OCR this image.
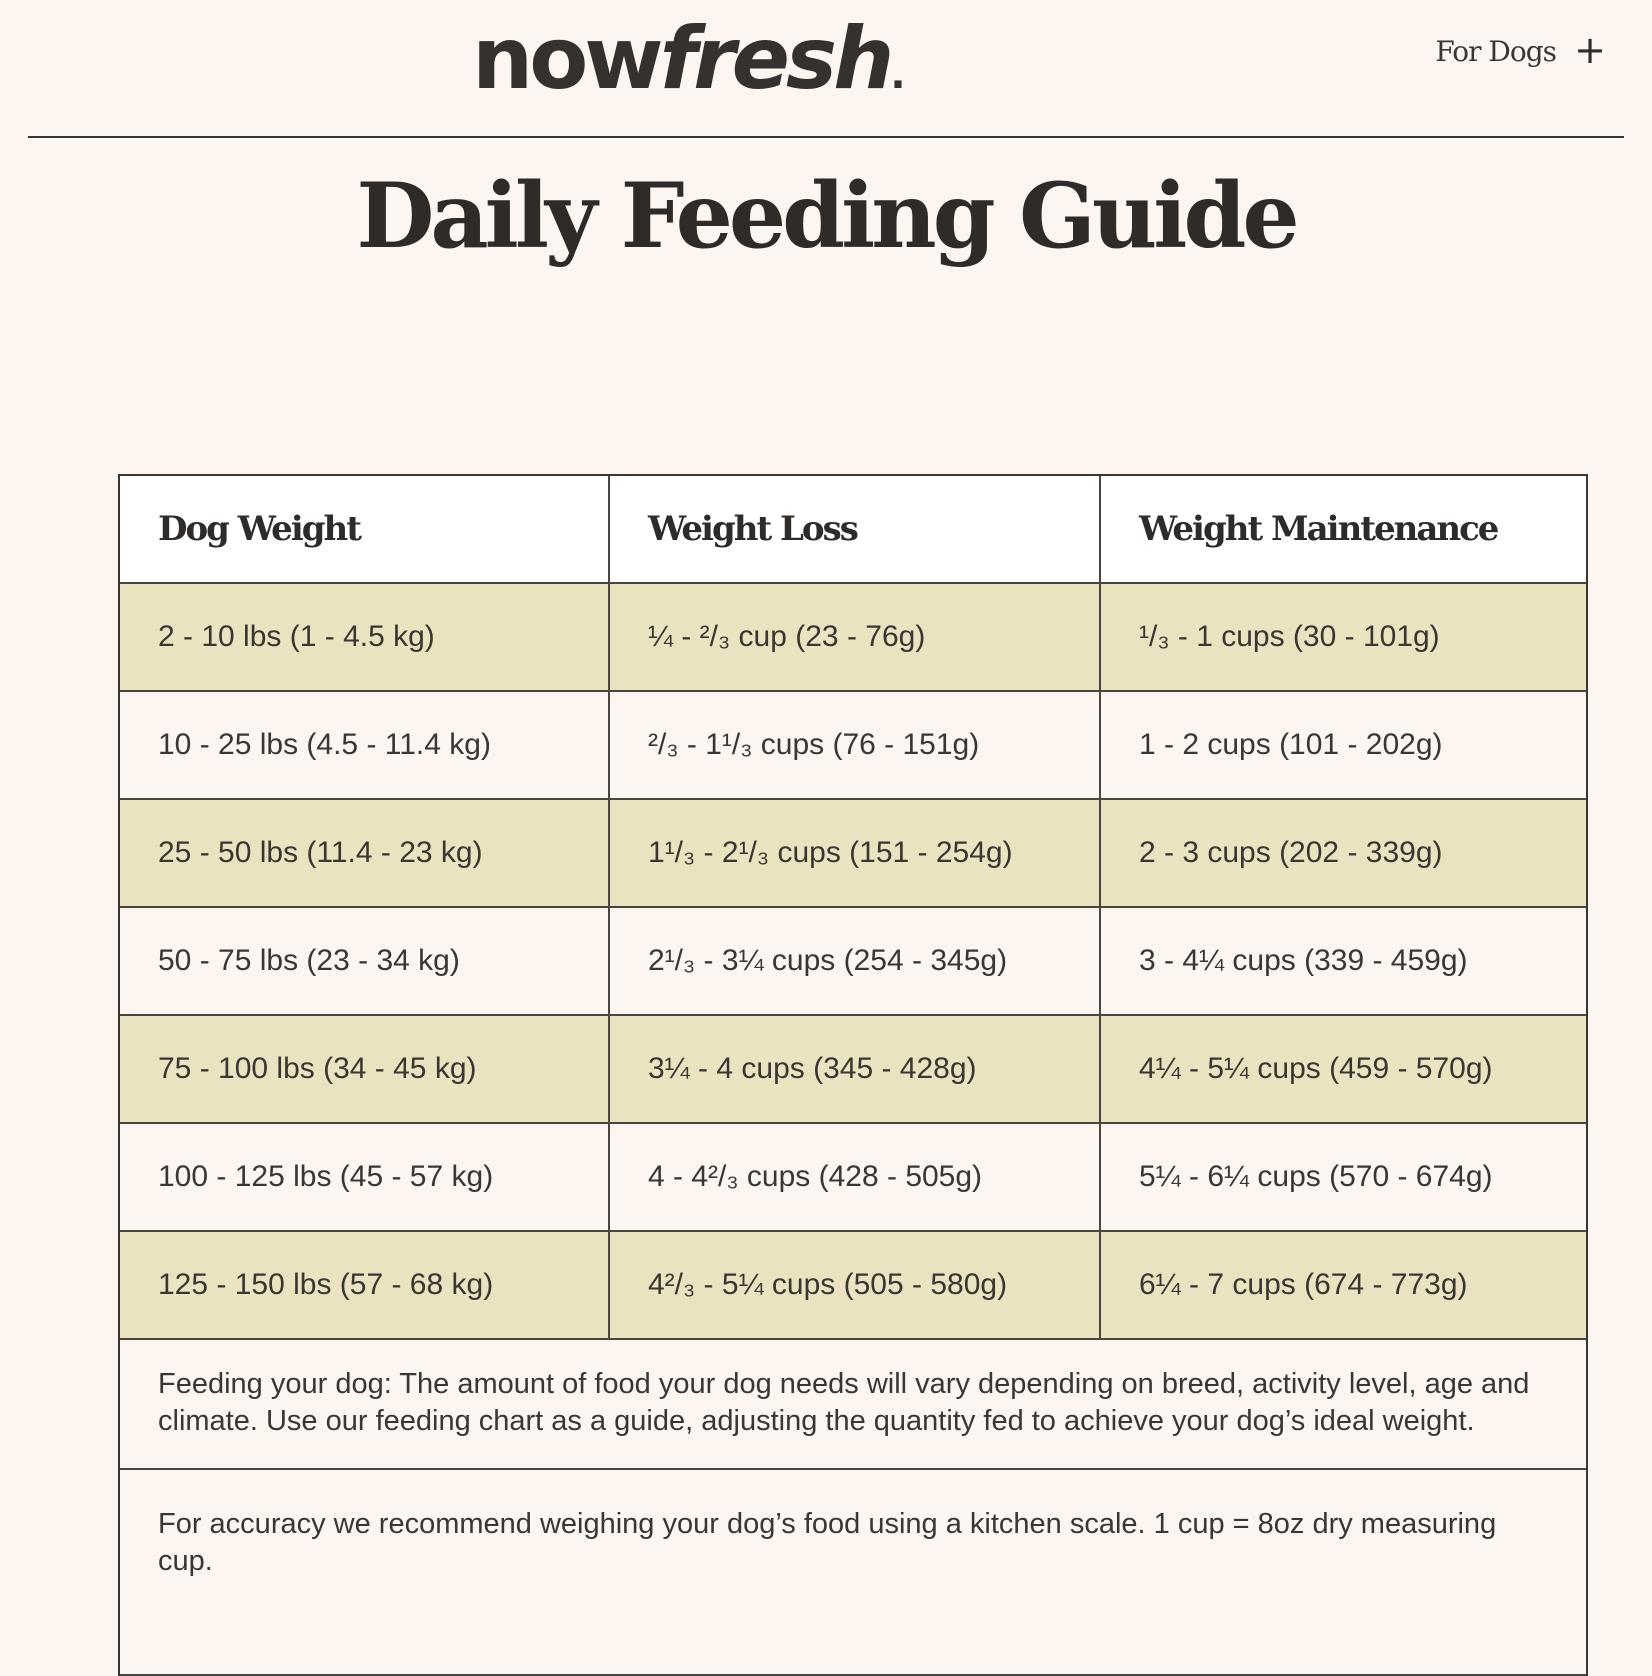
nowfresh.
For Dogs +
Daily Feeding Guide
Dog Weight	Weight Loss	Weight Maintenance
2 - 10 lbs (1 - 4.5 kg)	¼ - ²/₃ cup (23 - 76g)	¹/₃ - 1 cups (30 - 101g)
10 - 25 lbs (4.5 - 11.4 kg)	²/₃ - 1¹/₃ cups (76 - 151g)	1 - 2 cups (101 - 202g)
25 - 50 lbs (11.4 - 23 kg)	1¹/₃ - 2¹/₃ cups (151 - 254g)	2 - 3 cups (202 - 339g)
50 - 75 lbs (23 - 34 kg)	2¹/₃ - 3¼ cups (254 - 345g)	3 - 4¼ cups (339 - 459g)
75 - 100 lbs (34 - 45 kg)	3¼ - 4 cups (345 - 428g)	4¼ - 5¼ cups (459 - 570g)
100 - 125 lbs (45 - 57 kg)	4 - 4²/₃ cups (428 - 505g)	5¼ - 6¼ cups (570 - 674g)
125 - 150 lbs (57 - 68 kg)	4²/₃ - 5¼ cups (505 - 580g)	6¼ - 7 cups (674 - 773g)
Feeding your dog: The amount of food your dog needs will vary depending on breed, activity level, age and climate. Use our feeding chart as a guide, adjusting the quantity fed to achieve your dog’s ideal weight.		
For accuracy we recommend weighing your dog’s food using a kitchen scale. 1 cup = 8oz dry measuring cup.		
